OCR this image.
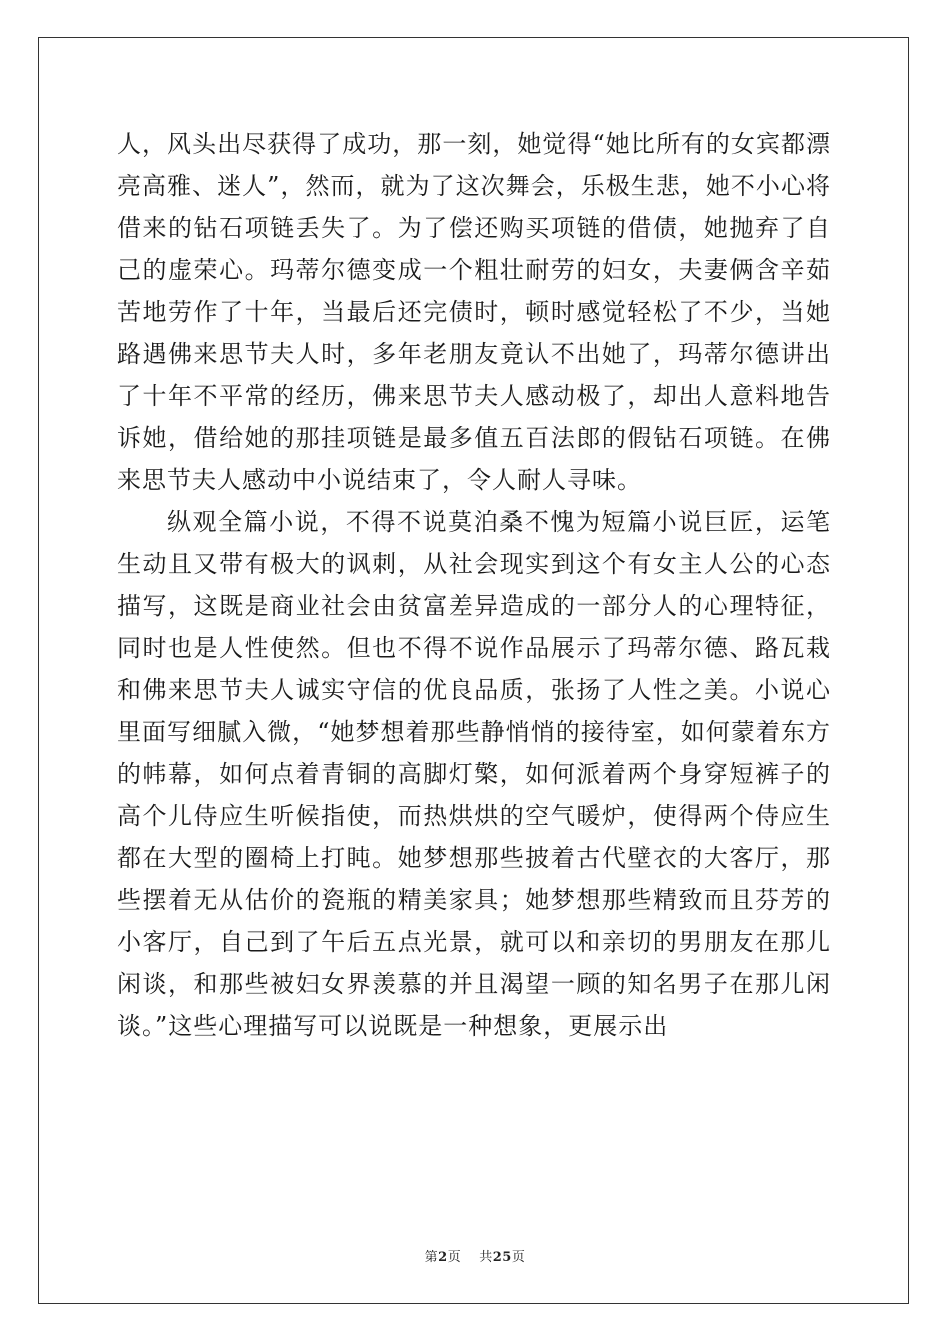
人，风头出尽获得了成功，那一刻，她觉得“她比所有的女宾都漂亮高雅、迷人”，然而，就为了这次舞会，乐极生悲，她不小心将借来的钻石项链丢失了。为了偿还购买项链的借债，她抛弃了自己的虚荣心。玛蒂尔德变成一个粗壮耐劳的妇女，夫妻俩含辛茹苦地劳作了十年，当最后还完债时，顿时感觉轻松了不少，当她路遇佛来思节夫人时，多年老朋友竟认不出她了，玛蒂尔德讲出了十年不平常的经历，佛来思节夫人感动极了，却出人意料地告诉她，借给她的那挂项链是最多值五百法郎的假钻石项链。在佛来思节夫人感动中小说结束了，令人耐人寻味。

纵观全篇小说，不得不说莫泊桑不愧为短篇小说巨匠，运笔生动且又带有极大的讽刺，从社会现实到这个有女主人公的心态描写，这既是商业社会由贫富差异造成的一部分人的心理特征，同时也是人性使然。但也不得不说作品展示了玛蒂尔德、路瓦栽和佛来思节夫人诚实守信的优良品质，张扬了人性之美。小说心里面写细腻入微，“她梦想着那些静悄悄的接待室，如何蒙着东方的帏幕，如何点着青铜的高脚灯檠，如何派着两个身穿短裤子的高个儿侍应生听候指使，而热烘烘的空气暖炉，使得两个侍应生都在大型的圈椅上打盹。她梦想那些披着古代壁衣的大客厅，那些摆着无从估价的瓷瓶的精美家具；她梦想那些精致而且芬芳的小客厅，自己到了午后五点光景，就可以和亲切的男朋友在那儿闲谈，和那些被妇女界羡慕的并且渴望一顾的知名男子在那儿闲谈。”这些心理描写可以说既是一种想象，更展示出

第2页 共25页
